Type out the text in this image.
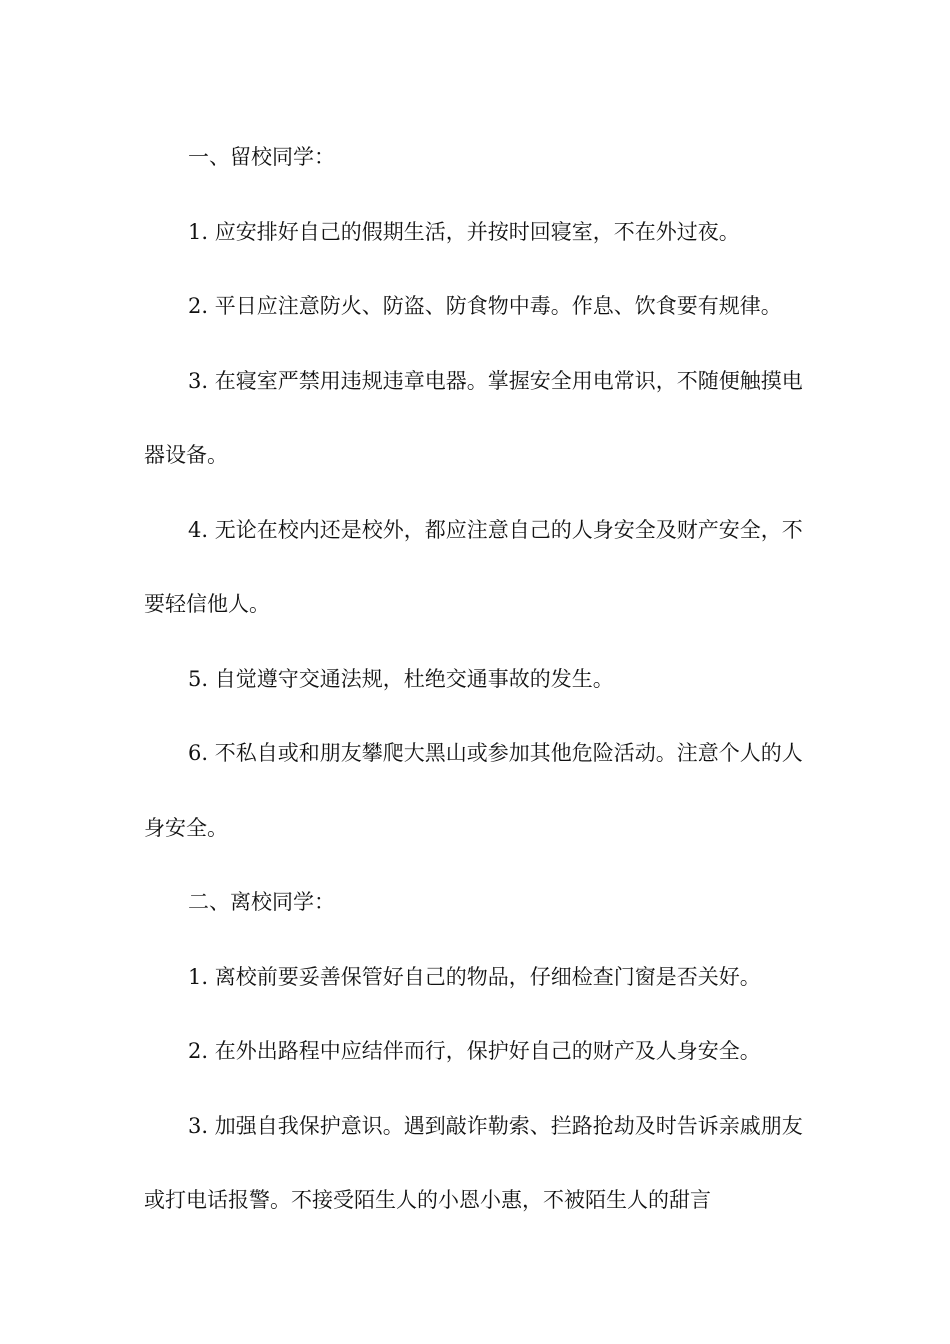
一、留校同学：

1. 应安排好自己的假期生活，并按时回寝室，不在外过夜。

2. 平日应注意防火、防盗、防食物中毒。作息、饮食要有规律。

3. 在寝室严禁用违规违章电器。掌握安全用电常识，不随便触摸电器设备。

4. 无论在校内还是校外，都应注意自己的人身安全及财产安全，不要轻信他人。

5. 自觉遵守交通法规，杜绝交通事故的发生。

6. 不私自或和朋友攀爬大黑山或参加其他危险活动。注意个人的人身安全。

二、离校同学：

1. 离校前要妥善保管好自己的物品，仔细检查门窗是否关好。

2. 在外出路程中应结伴而行，保护好自己的财产及人身安全。

3. 加强自我保护意识。遇到敲诈勒索、拦路抢劫及时告诉亲戚朋友或打电话报警。不接受陌生人的小恩小惠，不被陌生人的甜言
